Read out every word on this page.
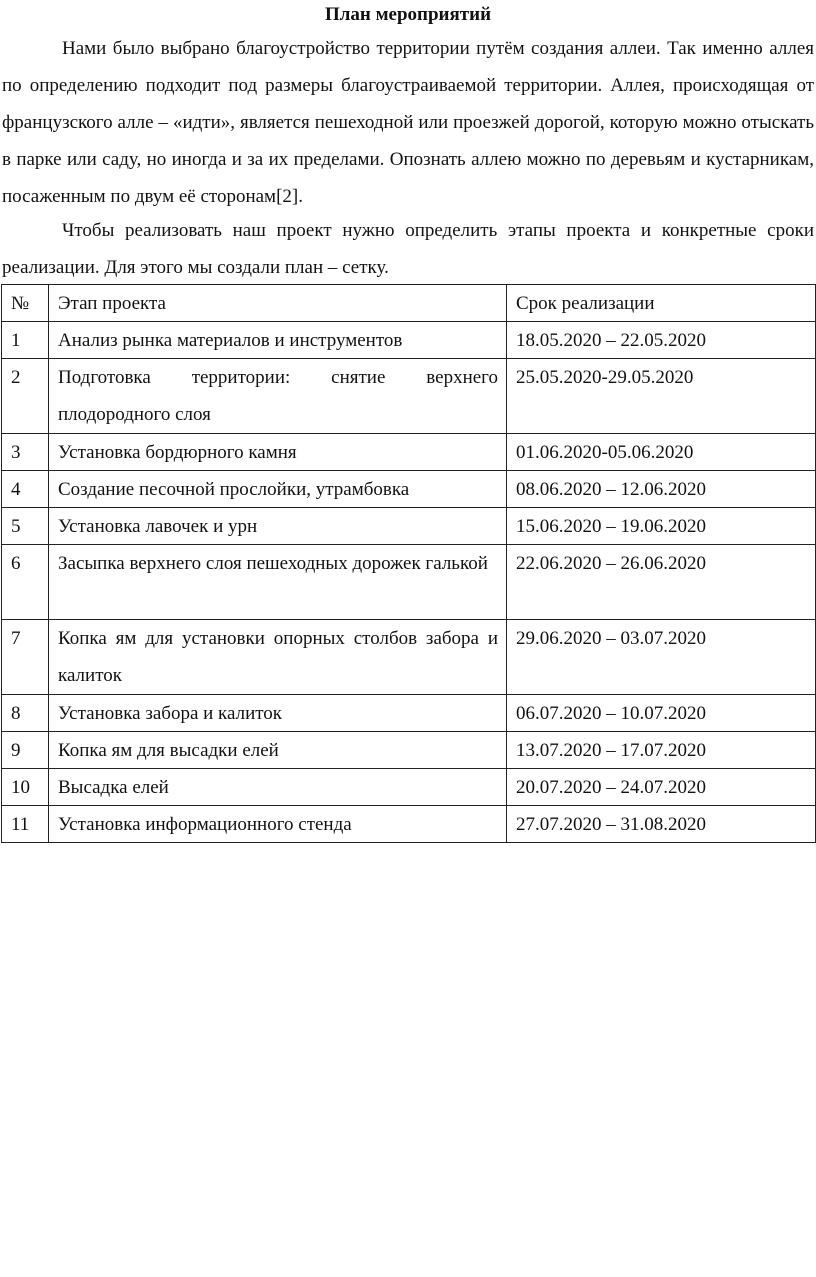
План мероприятий

Нами было выбрано благоустройство территории путём создания аллеи. Так именно аллея по определению подходит под размеры благоустраиваемой территории. Аллея, происходящая от французского алле – «идти», является пешеходной или проезжей дорогой, которую можно отыскать в парке или саду, но иногда и за их пределами. Опознать аллею можно по деревьям и кустарникам, посаженным по двум её сторонам[2].

Чтобы реализовать наш проект нужно определить этапы проекта и конкретные сроки реализации. Для этого мы создали план – сетку.

№	Этап проекта	Срок реализации
1	Анализ рынка материалов и инструментов	18.05.2020 – 22.05.2020
2	Подготовка территории: снятие верхнего плодородного слоя	25.05.2020-29.05.2020
3	Установка бордюрного камня	01.06.2020-05.06.2020
4	Создание песочной прослойки, утрамбовка	08.06.2020 – 12.06.2020
5	Установка лавочек и урн	15.06.2020 – 19.06.2020
6	Засыпка верхнего слоя пешеходных дорожек галькой	22.06.2020 – 26.06.2020
7	Копка ям для установки опорных столбов забора и калиток	29.06.2020 – 03.07.2020
8	Установка забора и калиток	06.07.2020 – 10.07.2020
9	Копка ям для высадки елей	13.07.2020 – 17.07.2020
10	Высадка елей	20.07.2020 – 24.07.2020
11	Установка информационного стенда	27.07.2020 – 31.08.2020
